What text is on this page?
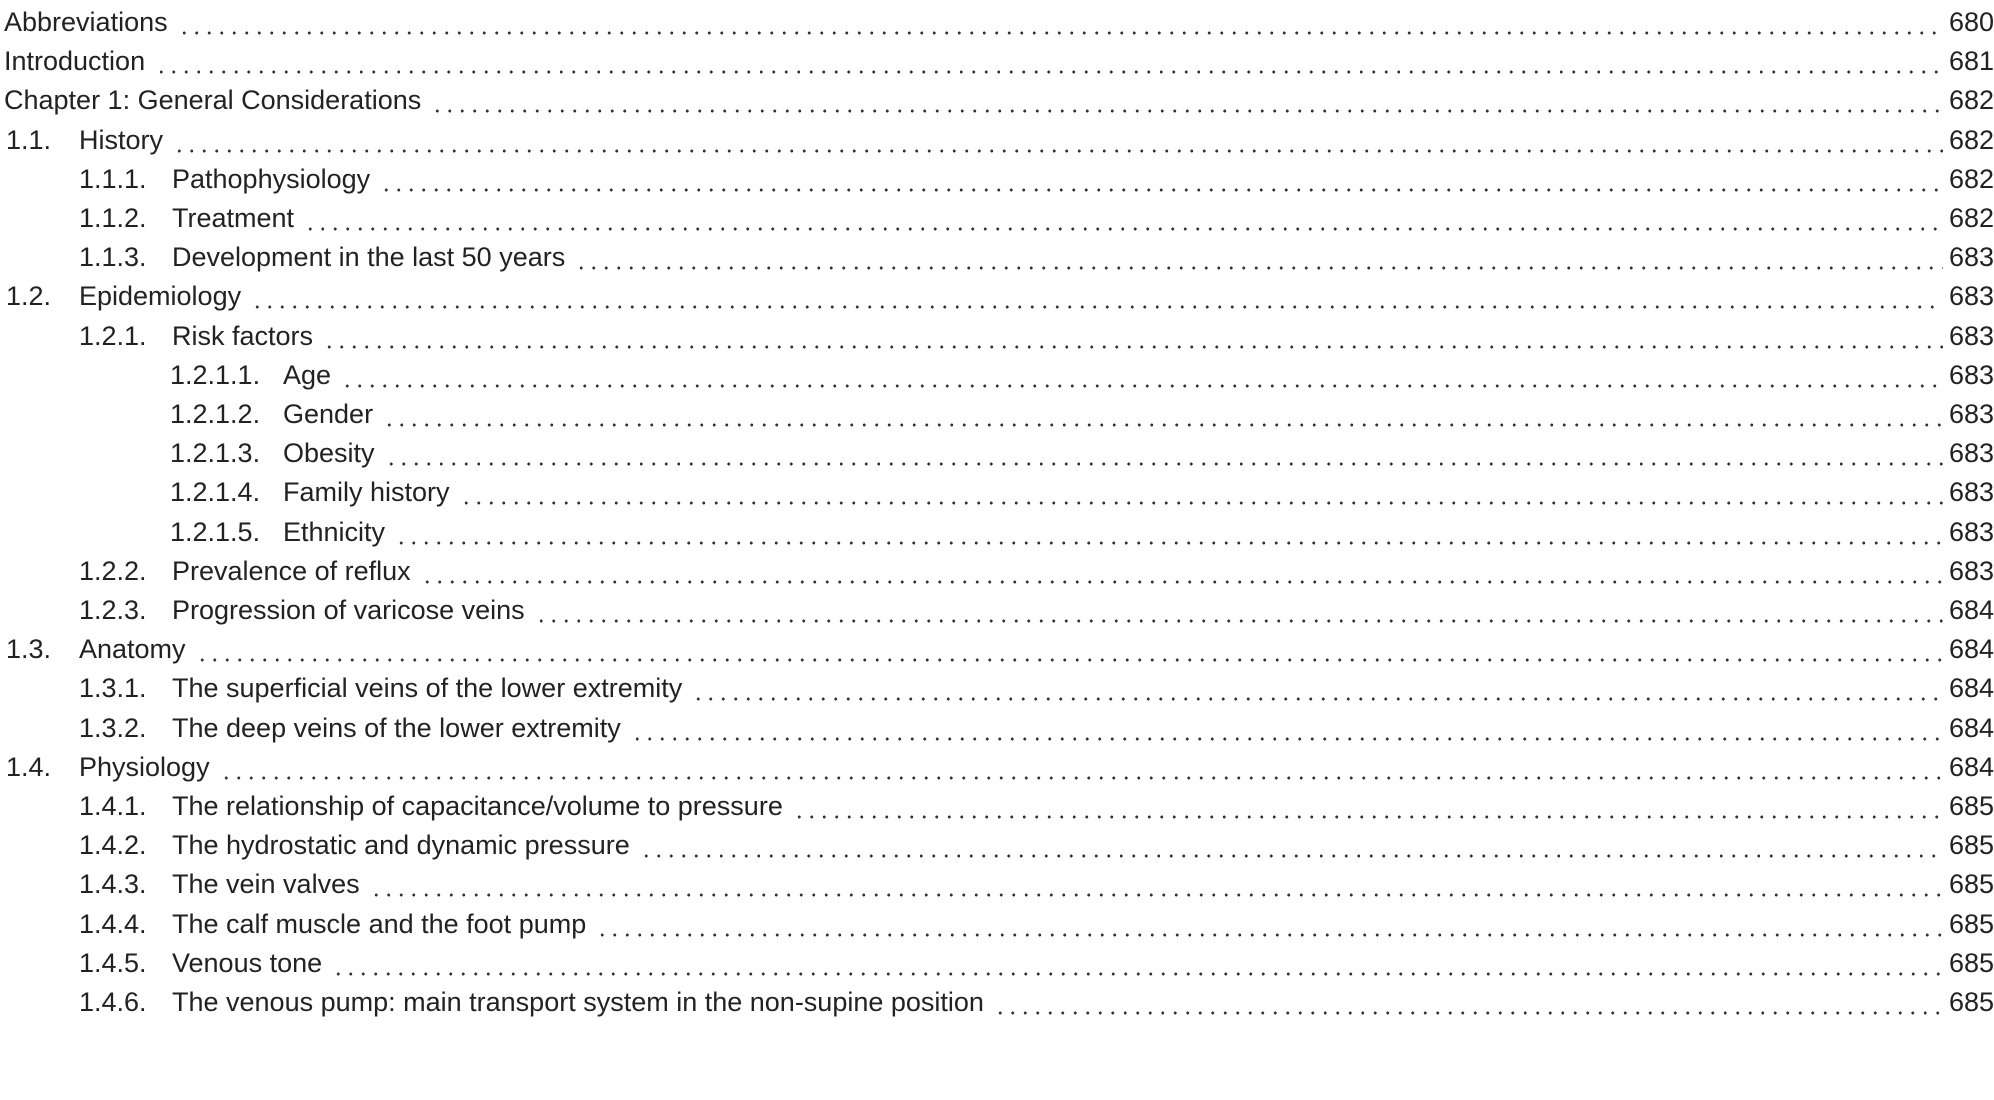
Abbreviations	680
Introduction	681
Chapter 1: General Considerations	682
1.1.	History	682
1.1.1. Pathophysiology	682
1.1.2. Treatment	682
1.1.3. Development in the last 50 years	683
1.2.	Epidemiology	683
1.2.1. Risk factors	683
1.2.1.1. Age	683
1.2.1.2. Gender	683
1.2.1.3. Obesity	683
1.2.1.4. Family history	683
1.2.1.5. Ethnicity	683
1.2.2. Prevalence of reflux	683
1.2.3. Progression of varicose veins	684
1.3.	Anatomy	684
1.3.1. The superficial veins of the lower extremity	684
1.3.2. The deep veins of the lower extremity	684
1.4.	Physiology	684
1.4.1. The relationship of capacitance/volume to pressure	685
1.4.2. The hydrostatic and dynamic pressure	685
1.4.3. The vein valves	685
1.4.4. The calf muscle and the foot pump	685
1.4.5. Venous tone	685
1.4.6. The venous pump: main transport system in the non-supine position	685
